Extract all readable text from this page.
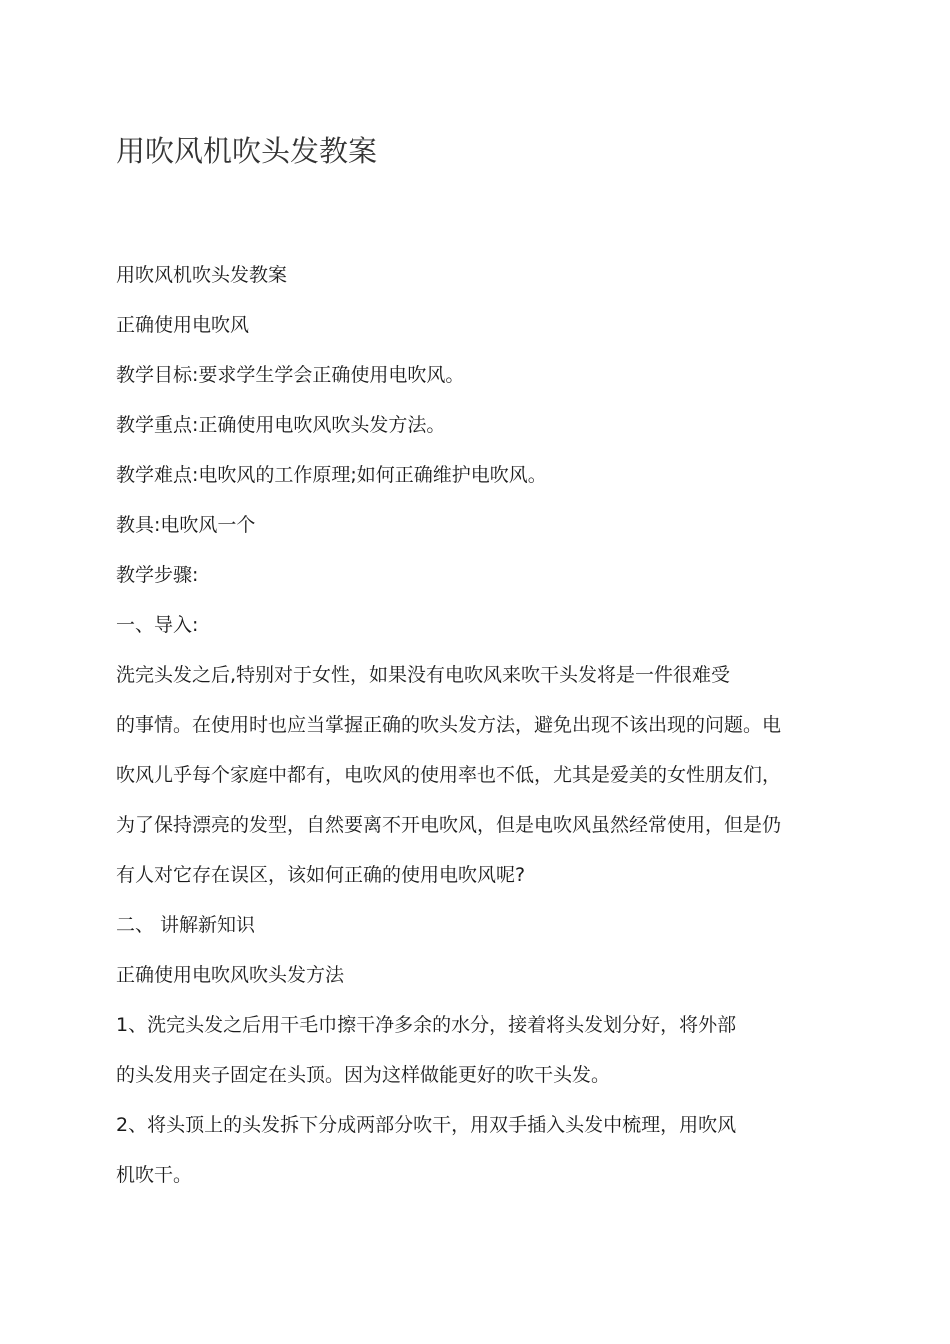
用吹风机吹头发教案
用吹风机吹头发教案
正确使用电吹风
教学目标:要求学生学会正确使用电吹风。
教学重点:正确使用电吹风吹头发方法。
教学难点:电吹风的工作原理;如何正确维护电吹风。
教具:电吹风一个
教学步骤:
一、导入:
洗完头发之后,特别对于女性，如果没有电吹风来吹干头发将是一件很难受
的事情。在使用时也应当掌握正确的吹头发方法，避免出现不该出现的问题。电
吹风儿乎每个家庭中都有，电吹风的使用率也不低，尤其是爱美的女性朋友们，
为了保持漂亮的发型，自然要离不开电吹风，但是电吹风虽然经常使用，但是仍
有人对它存在误区，该如何正确的使用电吹风呢?
二、 讲解新知识
正确使用电吹风吹头发方法
1、洗完头发之后用干毛巾擦干净多余的水分，接着将头发划分好，将外部
的头发用夹子固定在头顶。因为这样做能更好的吹干头发。
2、将头顶上的头发拆下分成两部分吹干，用双手插入头发中梳理，用吹风
机吹干。
